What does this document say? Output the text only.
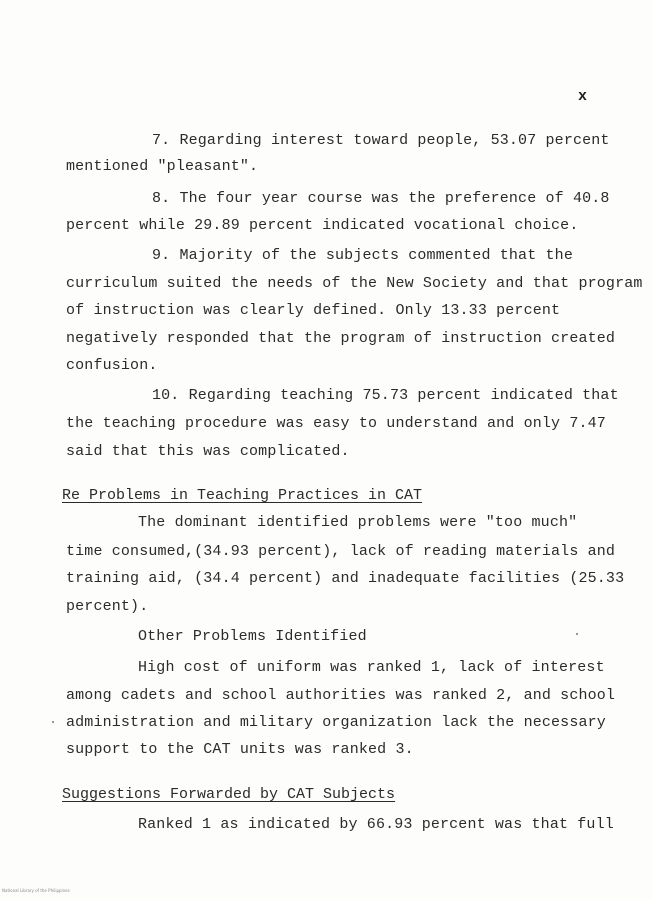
x
7. Regarding interest toward people, 53.07 percent
mentioned "pleasant".
8. The four year course was the preference of 40.8
percent while 29.89 percent indicated vocational choice.
9. Majority of the subjects commented that the
curriculum suited the needs of the New Society and that program
of instruction was clearly defined. Only 13.33 percent
negatively responded that the program of instruction created
confusion.
10. Regarding teaching 75.73 percent indicated that
the teaching procedure was easy to understand and only 7.47
said that this was complicated.
Re Problems in Teaching Practices in CAT
The dominant identified problems were "too much"
time consumed,(34.93 percent), lack of reading materials and
training aid, (34.4 percent) and inadequate facilities (25.33
percent).
Other Problems Identified
High cost of uniform was ranked 1, lack of interest
among cadets and school authorities was ranked 2, and school
administration and military organization lack the necessary
support to the CAT units was ranked 3.
Suggestions Forwarded by CAT Subjects
Ranked 1 as indicated by 66.93 percent was that full
National Library of the Philippines
